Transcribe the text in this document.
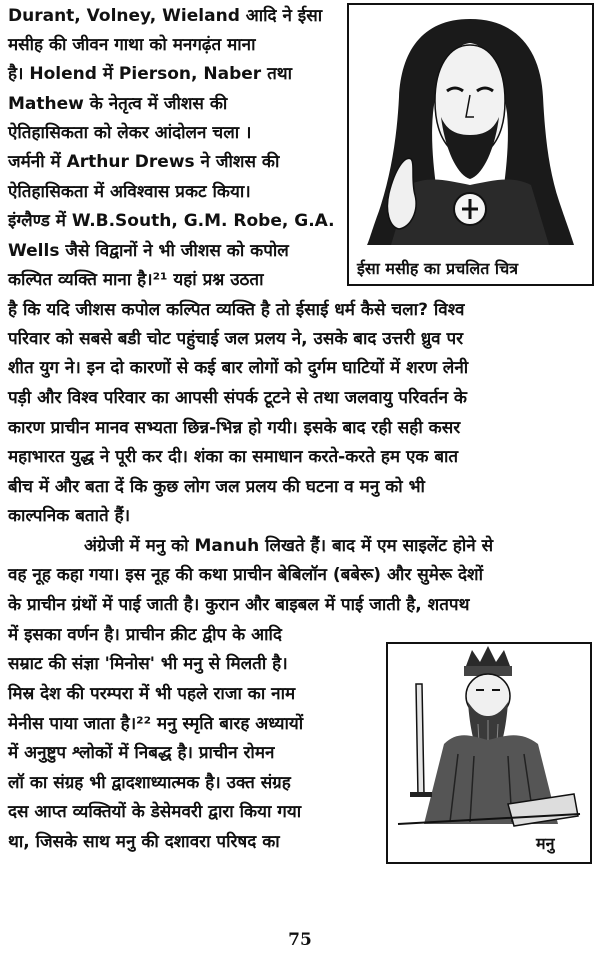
Durant, Volney, Wieland आदि ने ईसा
मसीह की जीवन गाथा को मनगढ़ंत माना
है। Holend में Pierson, Naber तथा
Mathew के नेतृत्व में जीशस की
ऐतिहासिकता को लेकर आंदोलन चला ।
जर्मनी में Arthur Drews ने जीशस की
ऐतिहासिकता में अविश्वास प्रकट किया।
इंग्लैण्ड में W.B.South, G.M. Robe, G.A.
Wells जैसे विद्वानों ने भी जीशस को कपोल
कल्पित व्यक्ति माना है।²¹ यहां प्रश्न उठता
ईसा मसीह का प्रचलित चित्र
है कि यदि जीशस कपोल कल्पित व्यक्ति है तो ईसाई धर्म कैसे चला? विश्व
परिवार को सबसे बडी चोट पहुंचाई जल प्रलय ने, उसके बाद उत्तरी ध्रुव पर
शीत युग ने। इन दो कारणों से कई बार लोगों को दुर्गम घाटियों में शरण लेनी
पड़ी और विश्व परिवार का आपसी संपर्क टूटने से तथा जलवायु परिवर्तन के
कारण प्राचीन मानव सभ्यता छिन्न-भिन्न हो गयी। इसके बाद रही सही कसर
महाभारत युद्ध ने पूरी कर दी। शंका का समाधान करते-करते हम एक बात
बीच में और बता दें कि कुछ लोग जल प्रलय की घटना व मनु को भी
काल्पनिक बताते हैं।
अंग्रेजी में मनु को Manuh लिखते हैं। बाद में एम साइलेंट होने से
वह नूह कहा गया। इस नूह की कथा प्राचीन बेबिलॉन (बबेरू) और सुमेरू देशों
के प्राचीन ग्रंथों में पाई जाती है। कुरान और बाइबल में पाई जाती है, शतपथ
में इसका वर्णन है। प्राचीन क्रीट द्वीप के आदि
सम्राट की संज्ञा 'मिनोस' भी मनु से मिलती है।
मिस्र देश की परम्परा में भी पहले राजा का नाम
मेनीस पाया जाता है।²² मनु स्मृति बारह अध्यायों
में अनुष्टुप श्लोकों में निबद्ध है। प्राचीन रोमन
लॉ का संग्रह भी द्वादशाध्यात्मक है। उक्त संग्रह
दस आप्त व्यक्तियों के डेसेमवरी द्वारा किया गया
था, जिसके साथ मनु की दशावरा परिषद का	मनु
75
